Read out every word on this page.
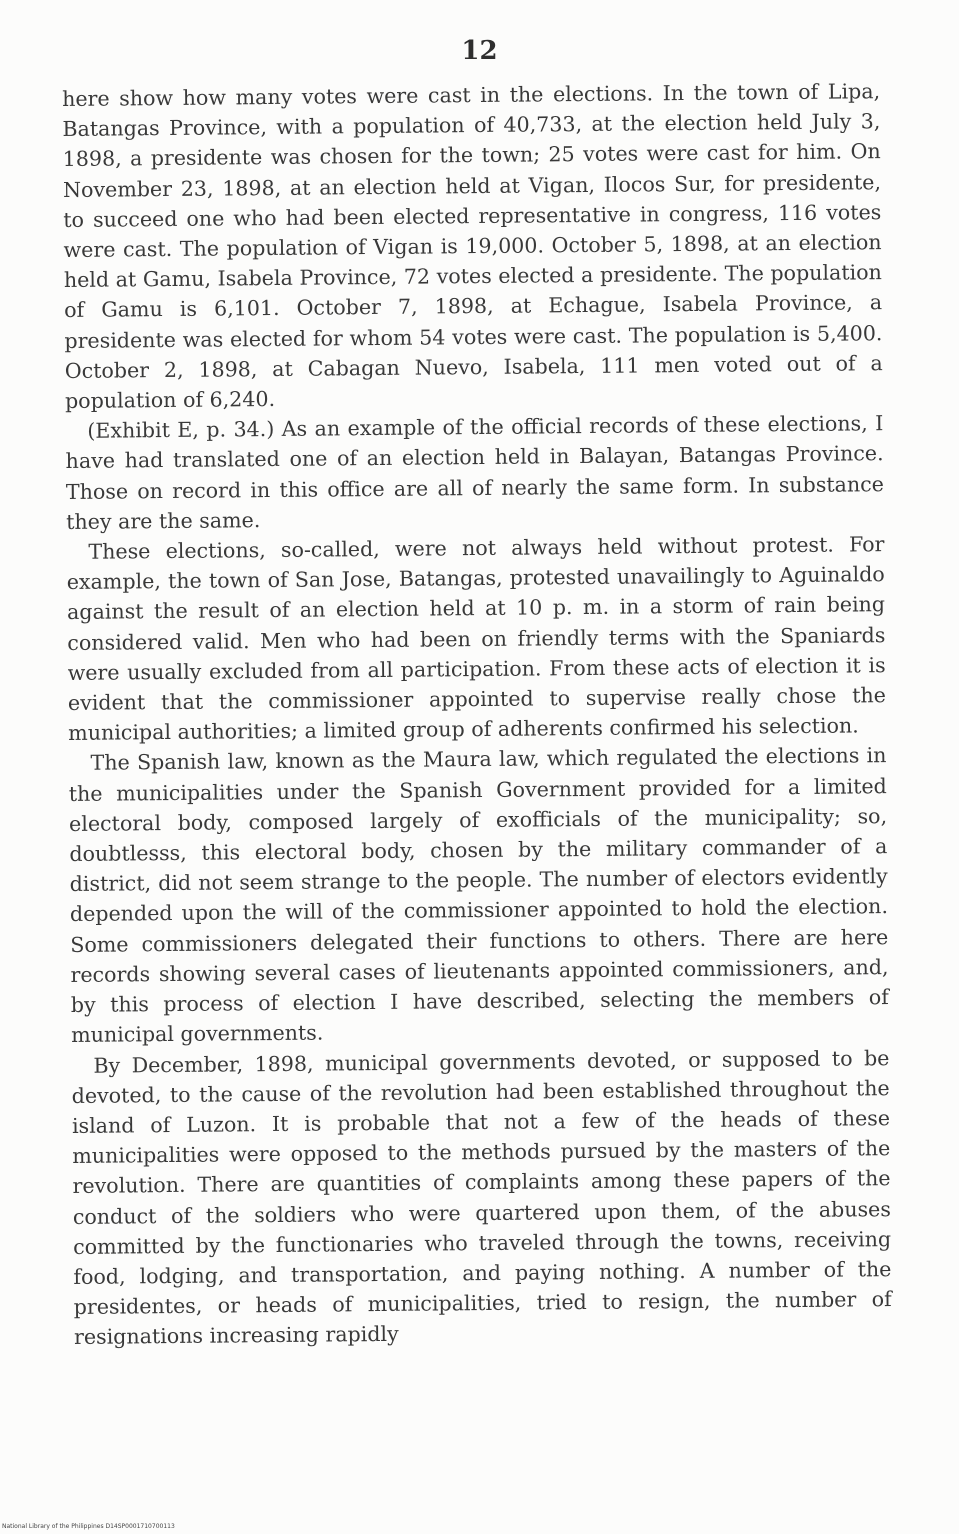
12

here show how many votes were cast in the elections. In the town of Lipa, Batangas Province, with a population of 40,733, at the election held July 3, 1898, a presidente was chosen for the town; 25 votes were cast for him. On November 23, 1898, at an election held at Vigan, Ilocos Sur, for presidente, to succeed one who had been elected representative in congress, 116 votes were cast. The population of Vigan is 19,000. October 5, 1898, at an election held at Gamu, Isabela Province, 72 votes elected a presidente. The population of Gamu is 6,101. October 7, 1898, at Echague, Isabela Province, a presidente was elected for whom 54 votes were cast. The population is 5,400. October 2, 1898, at Cabagan Nuevo, Isabela, 111 men voted out of a population of 6,240.

(Exhibit E, p. 34.) As an example of the official records of these elections, I have had translated one of an election held in Balayan, Batangas Province. Those on record in this office are all of nearly the same form. In substance they are the same.

These elections, so-called, were not always held without protest. For example, the town of San Jose, Batangas, protested unavailingly to Aguinaldo against the result of an election held at 10 p. m. in a storm of rain being considered valid. Men who had been on friendly terms with the Spaniards were usually excluded from all participation. From these acts of election it is evident that the commissioner appointed to supervise really chose the municipal authorities; a limited group of adherents confirmed his selection.

The Spanish law, known as the Maura law, which regulated the elections in the municipalities under the Spanish Government provided for a limited electoral body, composed largely of exofficials of the municipality; so, doubtlesss, this electoral body, chosen by the military commander of a district, did not seem strange to the people. The number of electors evidently depended upon the will of the commissioner appointed to hold the election. Some commissioners delegated their functions to others. There are here records showing several cases of lieutenants appointed commissioners, and, by this process of election I have described, selecting the members of municipal governments.

By December, 1898, municipal governments devoted, or supposed to be devoted, to the cause of the revolution had been established throughout the island of Luzon. It is probable that not a few of the heads of these municipalities were opposed to the methods pursued by the masters of the revolution. There are quantities of complaints among these papers of the conduct of the soldiers who were quartered upon them, of the abuses committed by the functionaries who traveled through the towns, receiving food, lodging, and transportation, and paying nothing. A number of the presidentes, or heads of municipalities, tried to resign, the number of resignations increasing rapidly

National Library of the Philippines D14SP0001710700113
